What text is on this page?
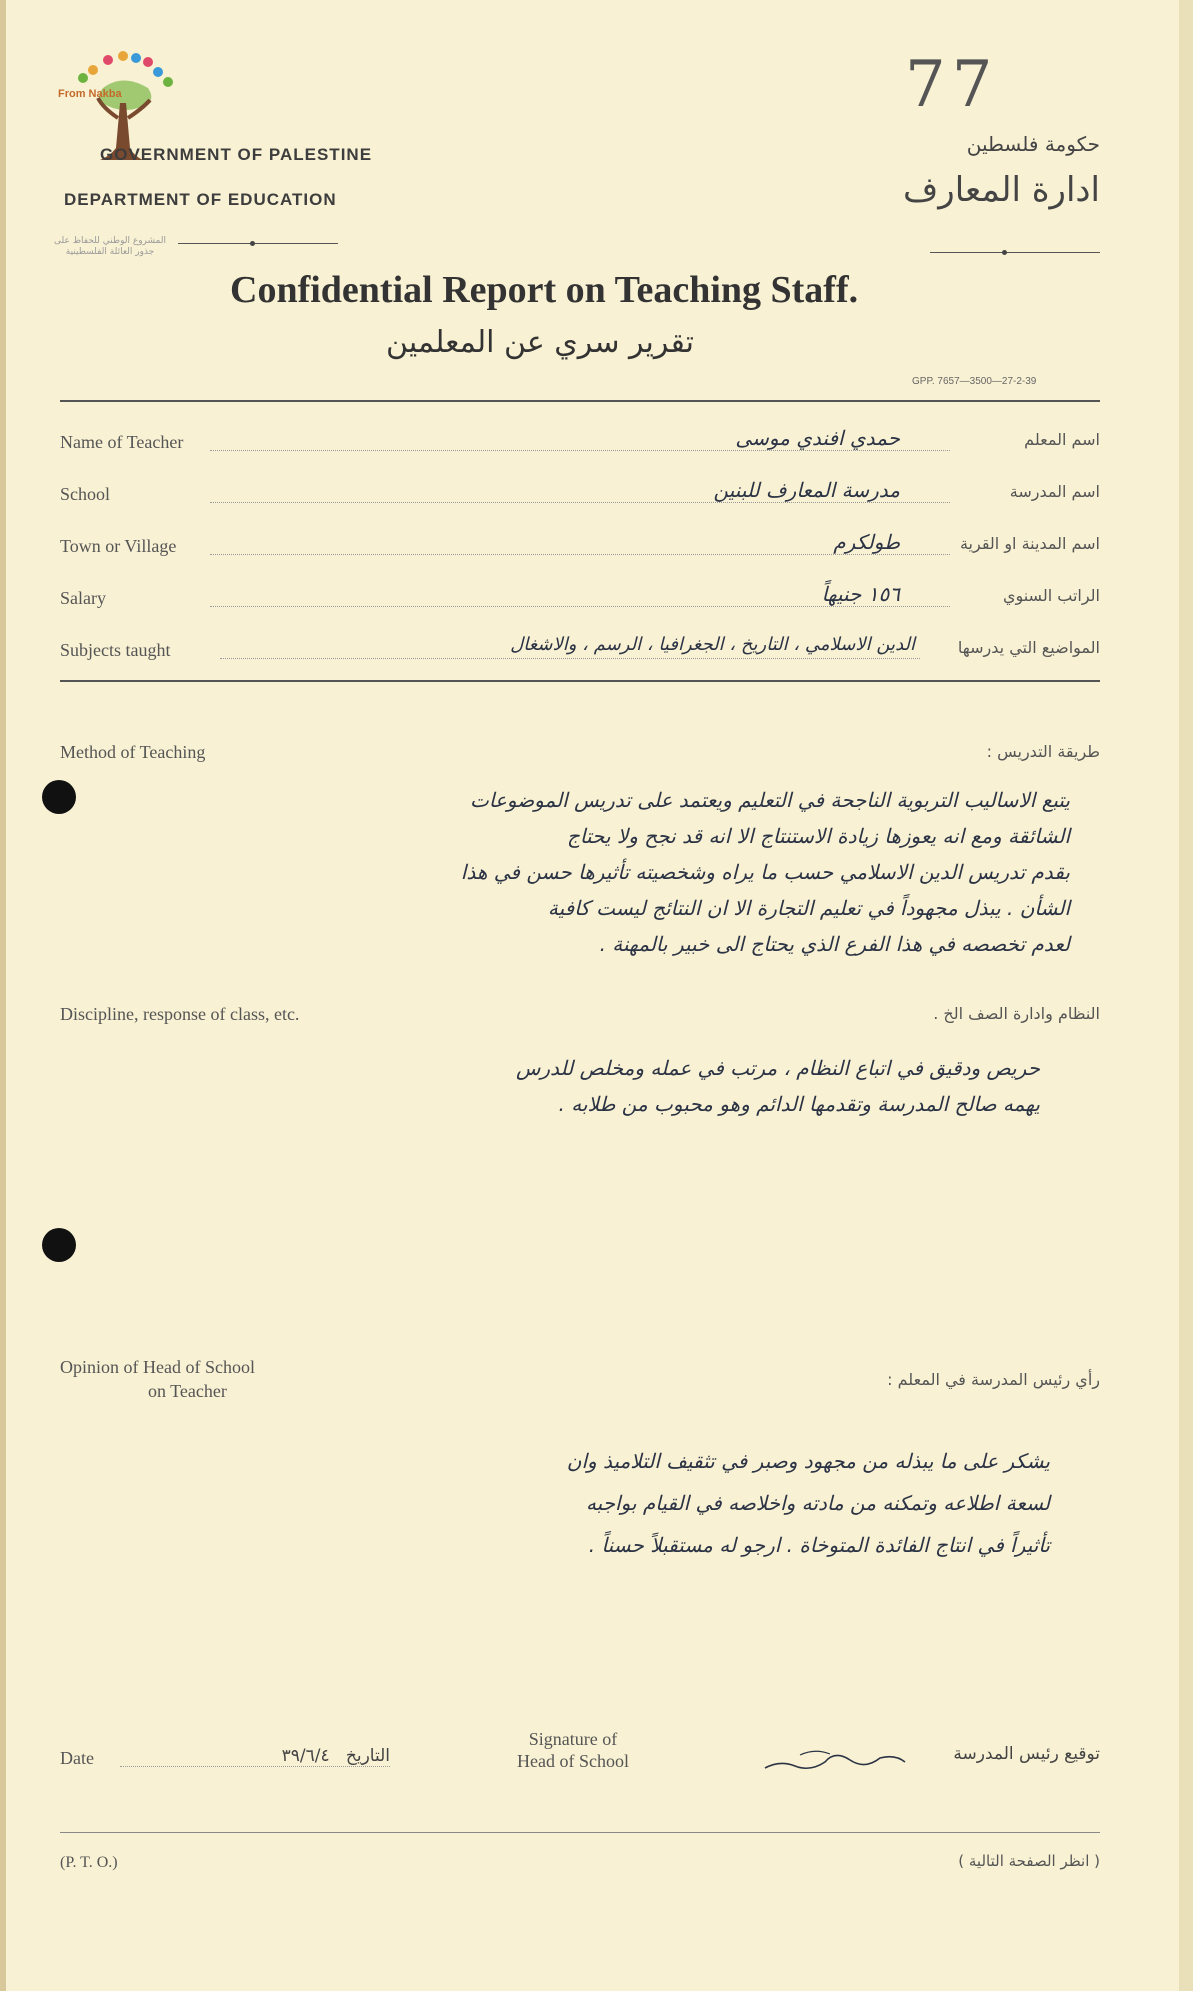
From Nakba
GOVERNMENT OF PALESTINE
DEPARTMENT OF EDUCATION
المشروع الوطني للحفاظ على جذور العائلة الفلسطينية
77
حكومة فلسطين
ادارة المعارف
Confidential Report on Teaching Staff.
تقرير سري عن المعلمين
GPP. 7657—3500—27-2-39
Name of Teacher	حمدي افندي موسى	اسم المعلم
School	مدرسة المعارف للبنين	اسم المدرسة
Town or Village	طولكرم	اسم المدينة او القرية
Salary	١٥٦ جنيهاً	الراتب السنوي
Subjects taught	الدين الاسلامي ، التاريخ ، الجغرافيا ، الرسم ، والاشغال	المواضيع التي يدرسها
Method of Teaching	طريقة التدريس :
يتبع الاساليب التربوية الناجحة في التعليم ويعتمد على تدريس الموضوعات
الشائقة ومع انه يعوزها زيادة الاستنتاج الا انه قد نجح ولا يحتاج
بقدم تدريس الدين الاسلامي حسب ما يراه وشخصيته تأثيرها حسن في هذا
الشأن . يبذل مجهوداً في تعليم التجارة الا ان النتائج ليست كافية
لعدم تخصصه في هذا الفرع الذي يحتاج الى خبير بالمهنة .
Discipline, response of class, etc.	النظام وادارة الصف الخ .
حريص ودقيق في اتباع النظام ، مرتب في عمله ومخلص للدرس
يهمه صالح المدرسة وتقدمها الدائم وهو محبوب من طلابه .
Opinion of Head of School
on Teacher
رأي رئيس المدرسة في المعلم :
يشكر على ما يبذله من مجهود وصبر في تثقيف التلاميذ وان
لسعة اطلاعه وتمكنه من مادته واخلاصه في القيام بواجبه
تأثيراً في انتاج الفائدة المتوخاة . ارجو له مستقبلاً حسناً .
Date	التاريخ   ٣٩/٦/٤
Signature of
Head of School	توقيع رئيس المدرسة
(P. T. O.)	( انظر الصفحة التالية )
